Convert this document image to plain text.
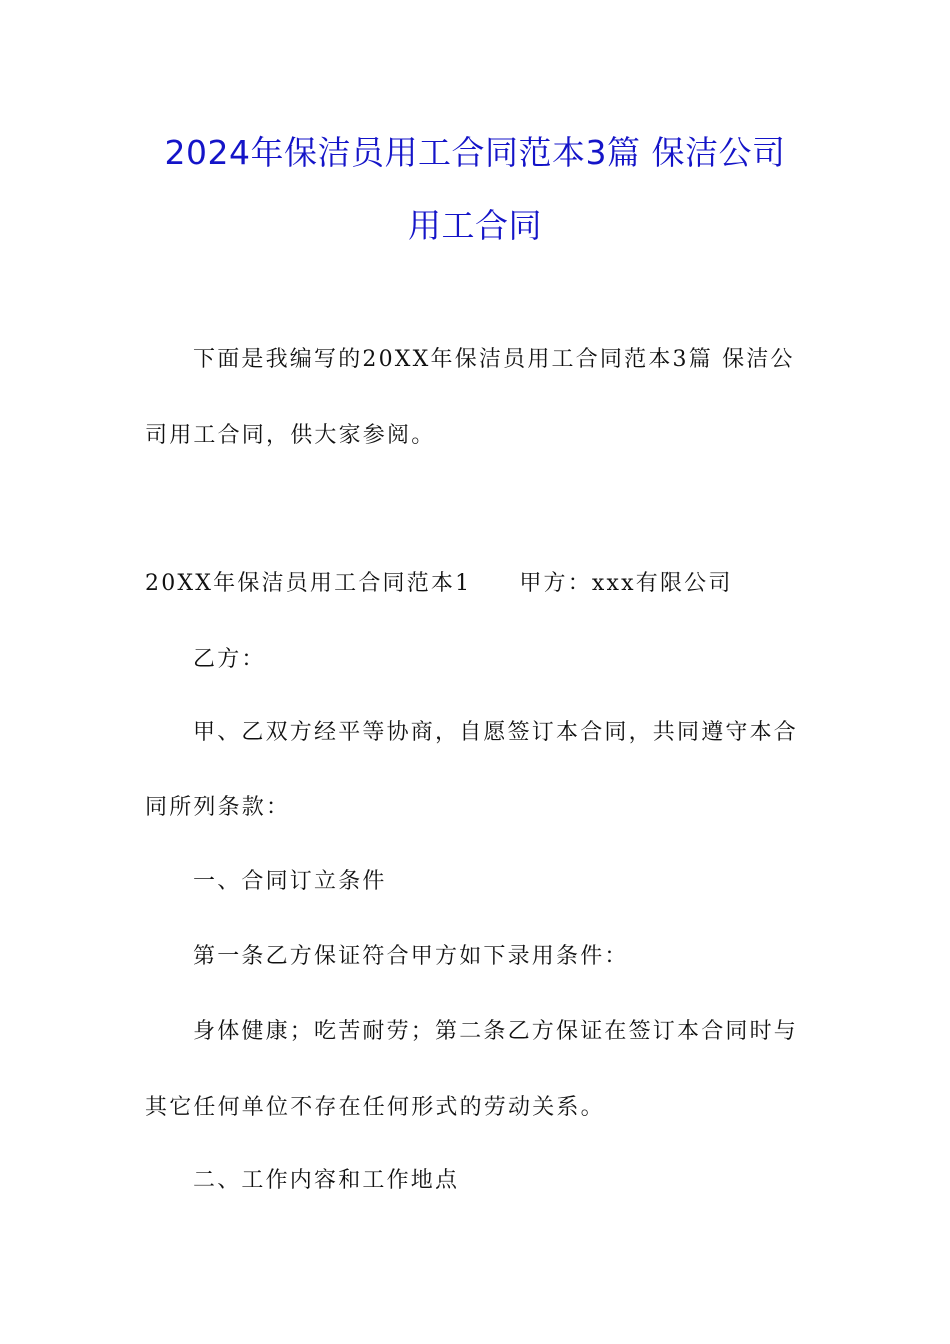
2024年保洁员用工合同范本3篇 保洁公司
用工合同
下面是我编写的20XX年保洁员用工合同范本3篇 保洁公
司用工合同，供大家参阅。
20XX年保洁员用工合同范本1 甲方：xxx有限公司
乙方：
甲、乙双方经平等协商，自愿签订本合同，共同遵守本合
同所列条款：
一、合同订立条件
第一条乙方保证符合甲方如下录用条件：
身体健康；吃苦耐劳；第二条乙方保证在签订本合同时与
其它任何单位不存在任何形式的劳动关系。
二、工作内容和工作地点
